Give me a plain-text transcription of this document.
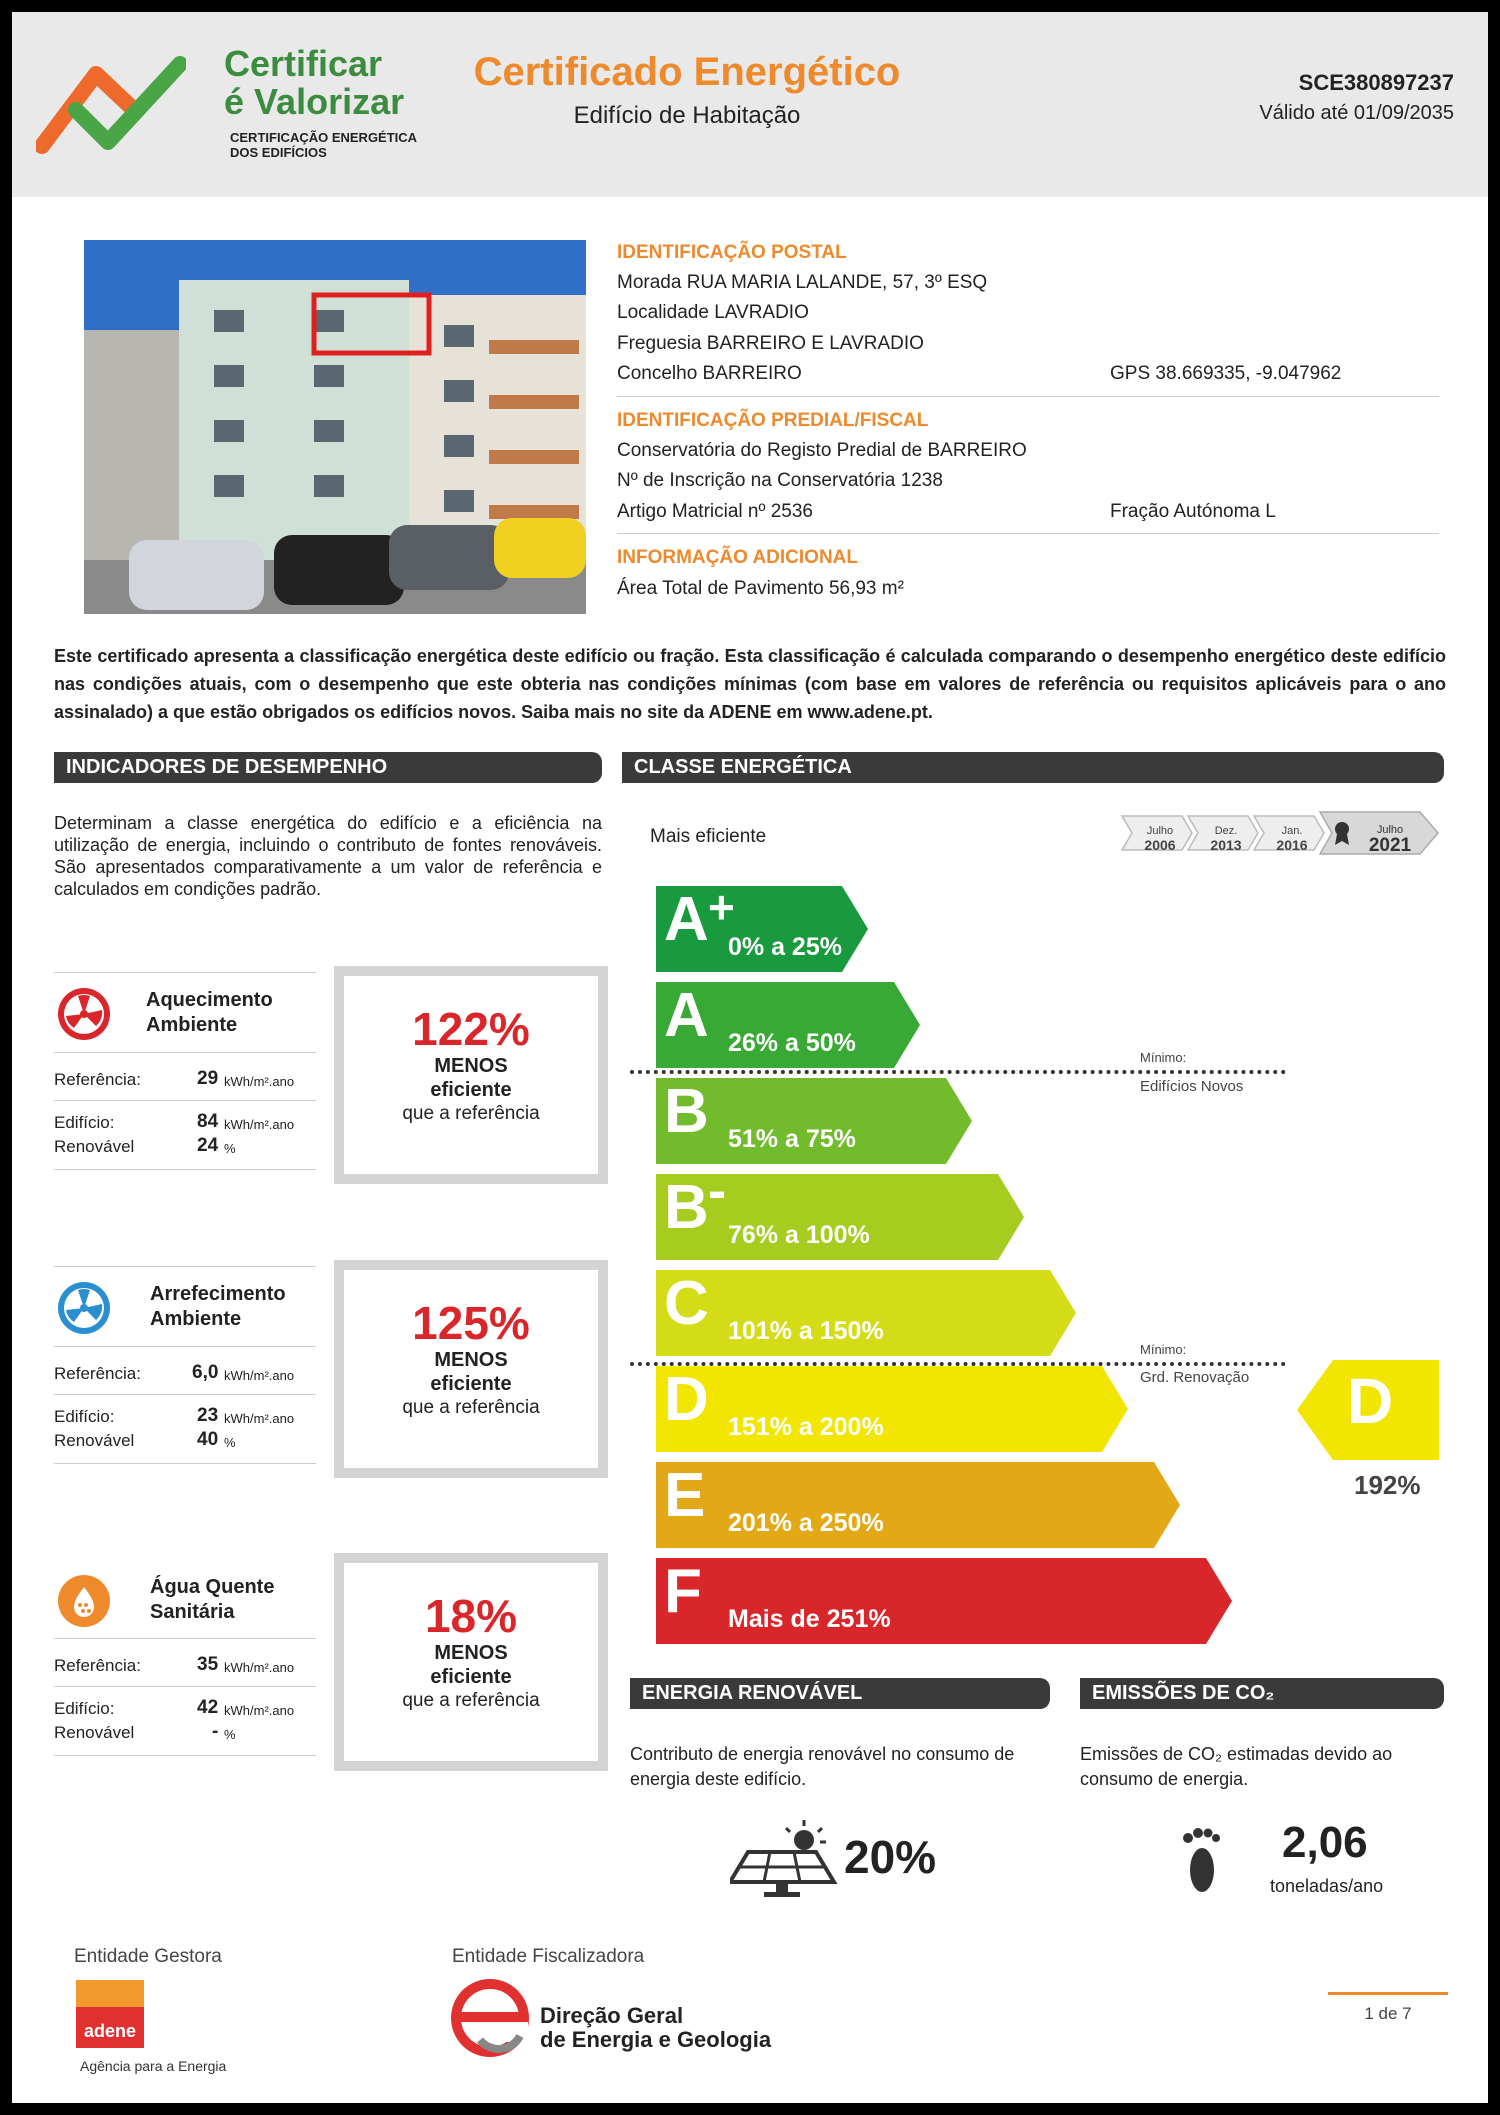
Certificar
é Valorizar
CERTIFICAÇÃO ENERGÉTICA
DOS EDIFÍCIOS
Certificado Energético
Edifício de Habitação
SCE380897237
Válido até 01/09/2035
IDENTIFICAÇÃO POSTAL
Morada RUA MARIA LALANDE, 57, 3º ESQ
Localidade LAVRADIO
Freguesia BARREIRO E LAVRADIO
Concelho BARREIRO	GPS 38.669335, -9.047962
IDENTIFICAÇÃO PREDIAL/FISCAL
Conservatória do Registo Predial de BARREIRO
Nº de Inscrição na Conservatória 1238
Artigo Matricial nº 2536	Fração Autónoma L
INFORMAÇÃO ADICIONAL
Área Total de Pavimento 56,93 m²
Este certificado apresenta a classificação energética deste edifício ou fração. Esta classificação é calculada comparando o desempenho energético deste edifício nas condições atuais, com o desempenho que este obteria nas condições mínimas (com base em valores de referência ou requisitos aplicáveis para o ano assinalado) a que estão obrigados os edifícios novos. Saiba mais no site da ADENE em www.adene.pt.
INDICADORES DE DESEMPENHO	CLASSE ENERGÉTICA
Determinam a classe energética do edifício e a eficiência na utilização de energia, incluindo o contributo de fontes renováveis. São apresentados comparativamente a um valor de referência e calculados em condições padrão.
Aquecimento
Ambiente
Referência:	29 kWh/m².ano
Edifício:	84 kWh/m².ano
Renovável	24 %
122%
MENOS
eficiente
que a referência
Arrefecimento
Ambiente
Referência:	6,0 kWh/m².ano
Edifício:	23 kWh/m².ano
Renovável	40 %
125%
MENOS
eficiente
que a referência
Água Quente
Sanitária
Referência:	35 kWh/m².ano
Edifício:	42 kWh/m².ano
Renovável	- %
18%
MENOS
eficiente
que a referência
Mais eficiente	Julho
2006
Dez.
2013
Jan.
2016
Julho
2021
A +
0% a 25%
A 26% a 50%
B 51% a 75%
B -
76% a 100%
C 101% a 150%
D 151% a 200%
E 201% a 250%
F Mais de 251%
Mínimo:
Edifícios Novos
Mínimo:
Grd. Renovação D
192%
ENERGIA RENOVÁVEL	EMISSÕES DE CO₂
Contributo de energia renovável no consumo de energia deste edifício.
Emissões de CO₂ estimadas devido ao consumo de energia.
20%	2,06
toneladas/ano
Entidade Gestora
adene
Agência para a Energia
Entidade Fiscalizadora
Direção Geral
de Energia e Geologia
1 de 7
